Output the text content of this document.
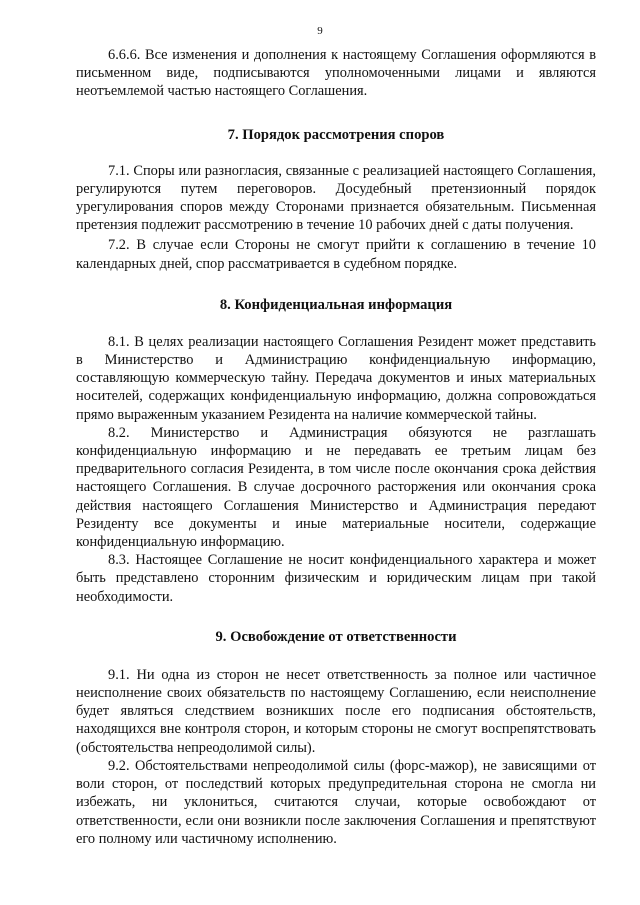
9

6.6.6. Все изменения и дополнения к настоящему Соглашения оформляются в письменном виде, подписываются уполномоченными лицами и являются неотъемлемой частью настоящего Соглашения.

7. Порядок рассмотрения споров

7.1. Споры или разногласия, связанные с реализацией настоящего Соглашения, регулируются путем переговоров. Досудебный претензионный порядок урегулирования споров между Сторонами признается обязательным. Письменная претензия подлежит рассмотрению в течение 10 рабочих дней с даты получения.

7.2. В случае если Стороны не смогут прийти к соглашению в течение 10 календарных дней, спор рассматривается в судебном порядке.

8. Конфиденциальная информация

8.1. В целях реализации настоящего Соглашения Резидент может представить в Министерство и Администрацию конфиденциальную информацию, составляющую коммерческую тайну. Передача документов и иных материальных носителей, содержащих конфиденциальную информацию, должна сопровождаться прямо выраженным указанием Резидента на наличие коммерческой тайны.

8.2. Министерство и Администрация обязуются не разглашать конфиденциальную информацию и не передавать ее третьим лицам без предварительного согласия Резидента, в том числе после окончания срока действия настоящего Соглашения. В случае досрочного расторжения или окончания срока действия настоящего Соглашения Министерство и Администрация передают Резиденту все документы и иные материальные носители, содержащие конфиденциальную информацию.

8.3. Настоящее Соглашение не носит конфиденциального характера и может быть представлено сторонним физическим и юридическим лицам при такой необходимости.

9. Освобождение от ответственности

9.1. Ни одна из сторон не несет ответственность за полное или частичное неисполнение своих обязательств по настоящему Соглашению, если неисполнение будет являться следствием возникших после его подписания обстоятельств, находящихся вне контроля сторон, и которым стороны не смогут воспрепятствовать (обстоятельства непреодолимой силы).

9.2. Обстоятельствами непреодолимой силы (форс-мажор), не зависящими от воли сторон, от последствий которых предупредительная сторона не смогла ни избежать, ни уклониться, считаются случаи, которые освобождают от ответственности, если они возникли после заключения Соглашения и препятствуют его полному или частичному исполнению.
